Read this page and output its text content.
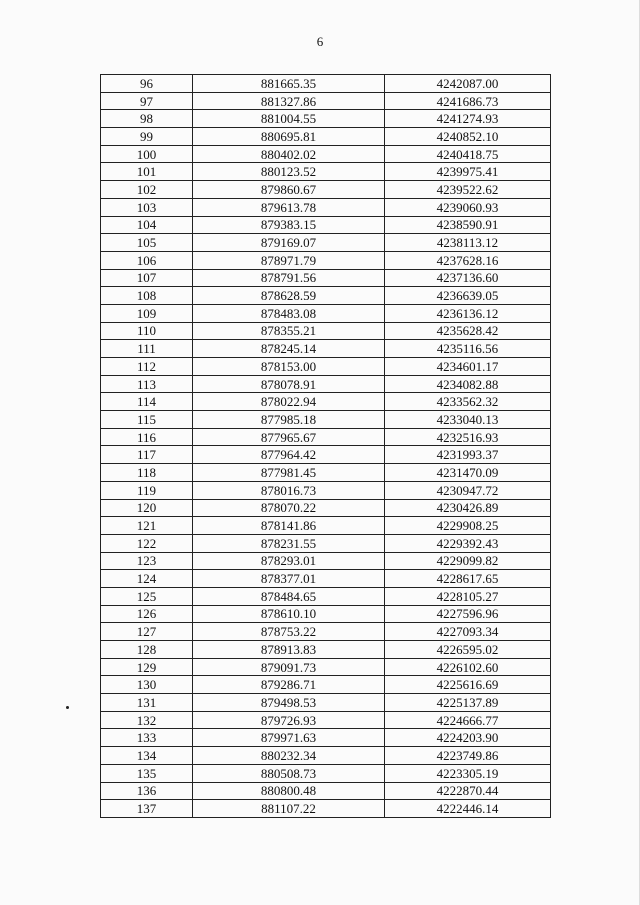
6
96	881665.35	4242087.00
97	881327.86	4241686.73
98	881004.55	4241274.93
99	880695.81	4240852.10
100	880402.02	4240418.75
101	880123.52	4239975.41
102	879860.67	4239522.62
103	879613.78	4239060.93
104	879383.15	4238590.91
105	879169.07	4238113.12
106	878971.79	4237628.16
107	878791.56	4237136.60
108	878628.59	4236639.05
109	878483.08	4236136.12
110	878355.21	4235628.42
111	878245.14	4235116.56
112	878153.00	4234601.17
113	878078.91	4234082.88
114	878022.94	4233562.32
115	877985.18	4233040.13
116	877965.67	4232516.93
117	877964.42	4231993.37
118	877981.45	4231470.09
119	878016.73	4230947.72
120	878070.22	4230426.89
121	878141.86	4229908.25
122	878231.55	4229392.43
123	878293.01	4229099.82
124	878377.01	4228617.65
125	878484.65	4228105.27
126	878610.10	4227596.96
127	878753.22	4227093.34
128	878913.83	4226595.02
129	879091.73	4226102.60
130	879286.71	4225616.69
131	879498.53	4225137.89
132	879726.93	4224666.77
133	879971.63	4224203.90
134	880232.34	4223749.86
135	880508.73	4223305.19
136	880800.48	4222870.44
137	881107.22	4222446.14
